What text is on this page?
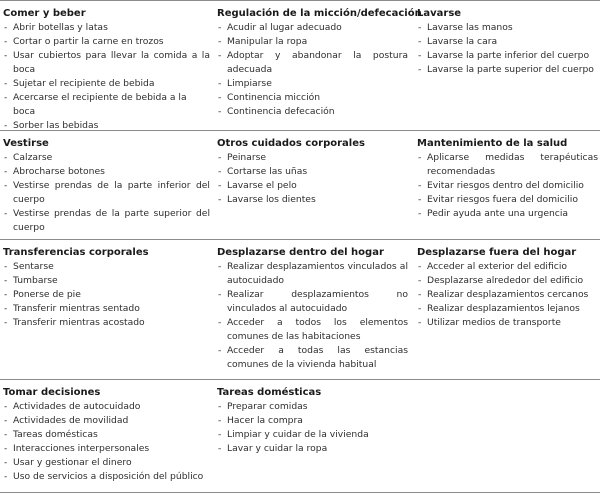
Comer y beber
- Abrir botellas y latas
- Cortar o partir la carne en trozos
- Usar cubiertos para llevar la comida a la boca
- Sujetar el recipiente de bebida
- Acercarse el recipiente de bebida a la boca
- Sorber las bebidas
Regulación de la micción/defecación
- Acudir al lugar adecuado
- Manipular la ropa
- Adoptar y abandonar la postura adecuada
- Limpiarse
- Continencia micción
- Continencia defecación
Lavarse
- Lavarse las manos
- Lavarse la cara
- Lavarse la parte inferior del cuerpo
- Lavarse la parte superior del cuerpo
Vestirse
- Calzarse
- Abrocharse botones
- Vestirse prendas de la parte inferior del cuerpo
- Vestirse prendas de la parte superior del cuerpo
Otros cuidados corporales
- Peinarse
- Cortarse las uñas
- Lavarse el pelo
- Lavarse los dientes
Mantenimiento de la salud
- Aplicarse medidas terapéuticas recomendadas
- Evitar riesgos dentro del domicilio
- Evitar riesgos fuera del domicilio
- Pedir ayuda ante una urgencia
Transferencias corporales
- Sentarse
- Tumbarse
- Ponerse de pie
- Transferir mientras sentado
- Transferir mientras acostado
Desplazarse dentro del hogar
- Realizar desplazamientos vinculados al autocuidado
- Realizar desplazamientos no vinculados al autocuidado
- Acceder a todos los elementos comunes de las habitaciones
- Acceder a todas las estancias comunes de la vivienda habitual
Desplazarse fuera del hogar
- Acceder al exterior del edificio
- Desplazarse alrededor del edificio
- Realizar desplazamientos cercanos
- Realizar desplazamientos lejanos
- Utilizar medios de transporte
Tomar decisiones
- Actividades de autocuidado
- Actividades de movilidad
- Tareas domésticas
- Interacciones interpersonales
- Usar y gestionar el dinero
- Uso de servicios a disposición del público
Tareas domésticas
- Preparar comidas
- Hacer la compra
- Limpiar y cuidar de la vivienda
- Lavar y cuidar la ropa
